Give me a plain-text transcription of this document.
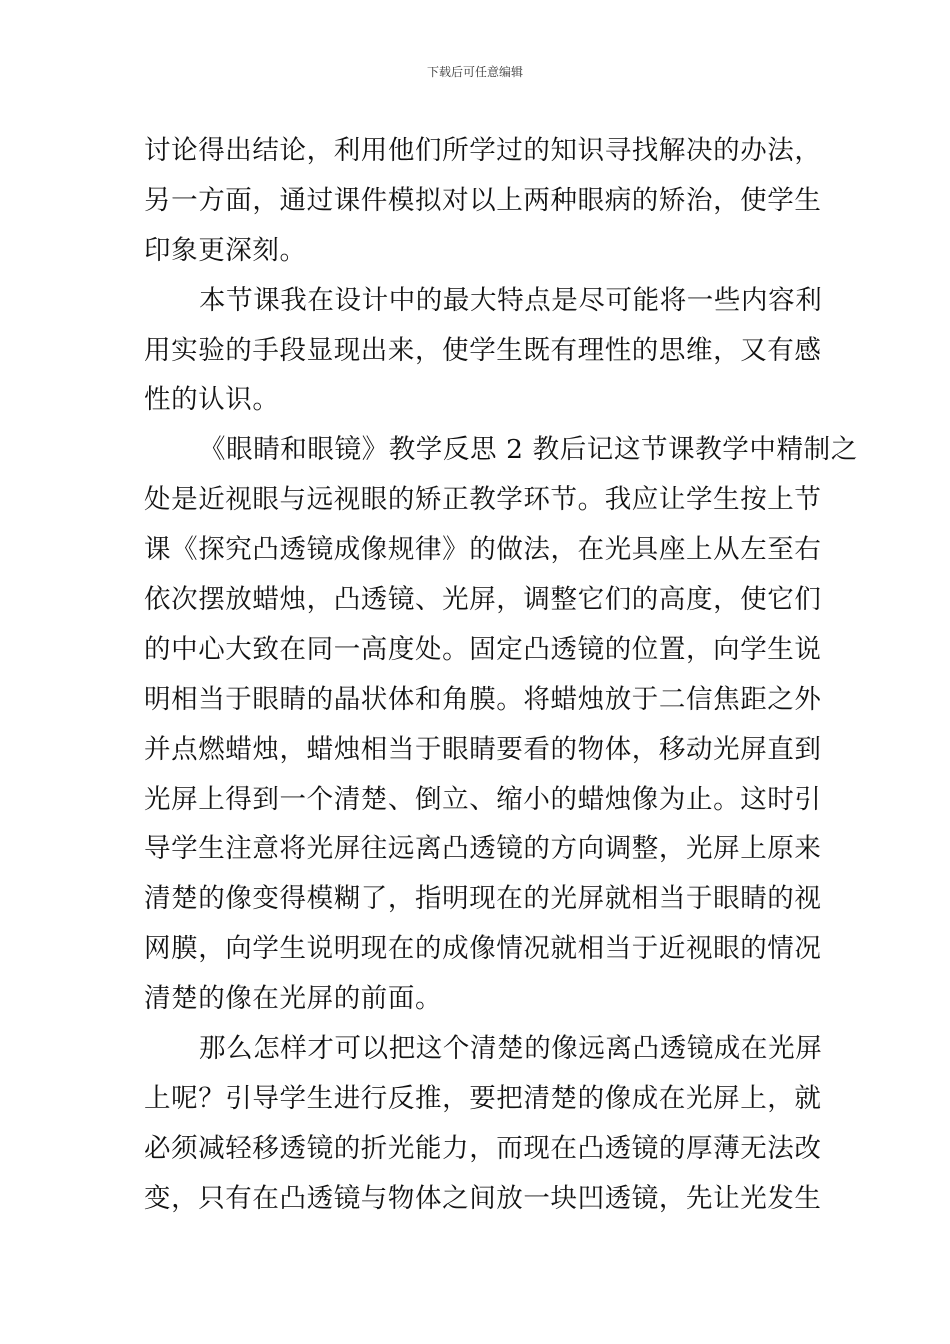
下载后可任意编辑
讨论得出结论，利用他们所学过的知识寻找解决的办法，
另一方面，通过课件模拟对以上两种眼病的矫治，使学生
印象更深刻。
本节课我在设计中的最大特点是尽可能将一些内容利
用实验的手段显现出来，使学生既有理性的思维，又有感
性的认识。
《眼睛和眼镜》教学反思 2 教后记这节课教学中精制之
处是近视眼与远视眼的矫正教学环节。我应让学生按上节
课《探究凸透镜成像规律》的做法，在光具座上从左至右
依次摆放蜡烛，凸透镜、光屏，调整它们的高度，使它们
的中心大致在同一高度处。固定凸透镜的位置，向学生说
明相当于眼睛的晶状体和角膜。将蜡烛放于二信焦距之外
并点燃蜡烛，蜡烛相当于眼睛要看的物体，移动光屏直到
光屏上得到一个清楚、倒立、缩小的蜡烛像为止。这时引
导学生注意将光屏往远离凸透镜的方向调整，光屏上原来
清楚的像变得模糊了，指明现在的光屏就相当于眼睛的视
网膜，向学生说明现在的成像情况就相当于近视眼的情况
清楚的像在光屏的前面。
那么怎样才可以把这个清楚的像远离凸透镜成在光屏
上呢？引导学生进行反推，要把清楚的像成在光屏上，就
必须减轻移透镜的折光能力，而现在凸透镜的厚薄无法改
变，只有在凸透镜与物体之间放一块凹透镜，先让光发生
